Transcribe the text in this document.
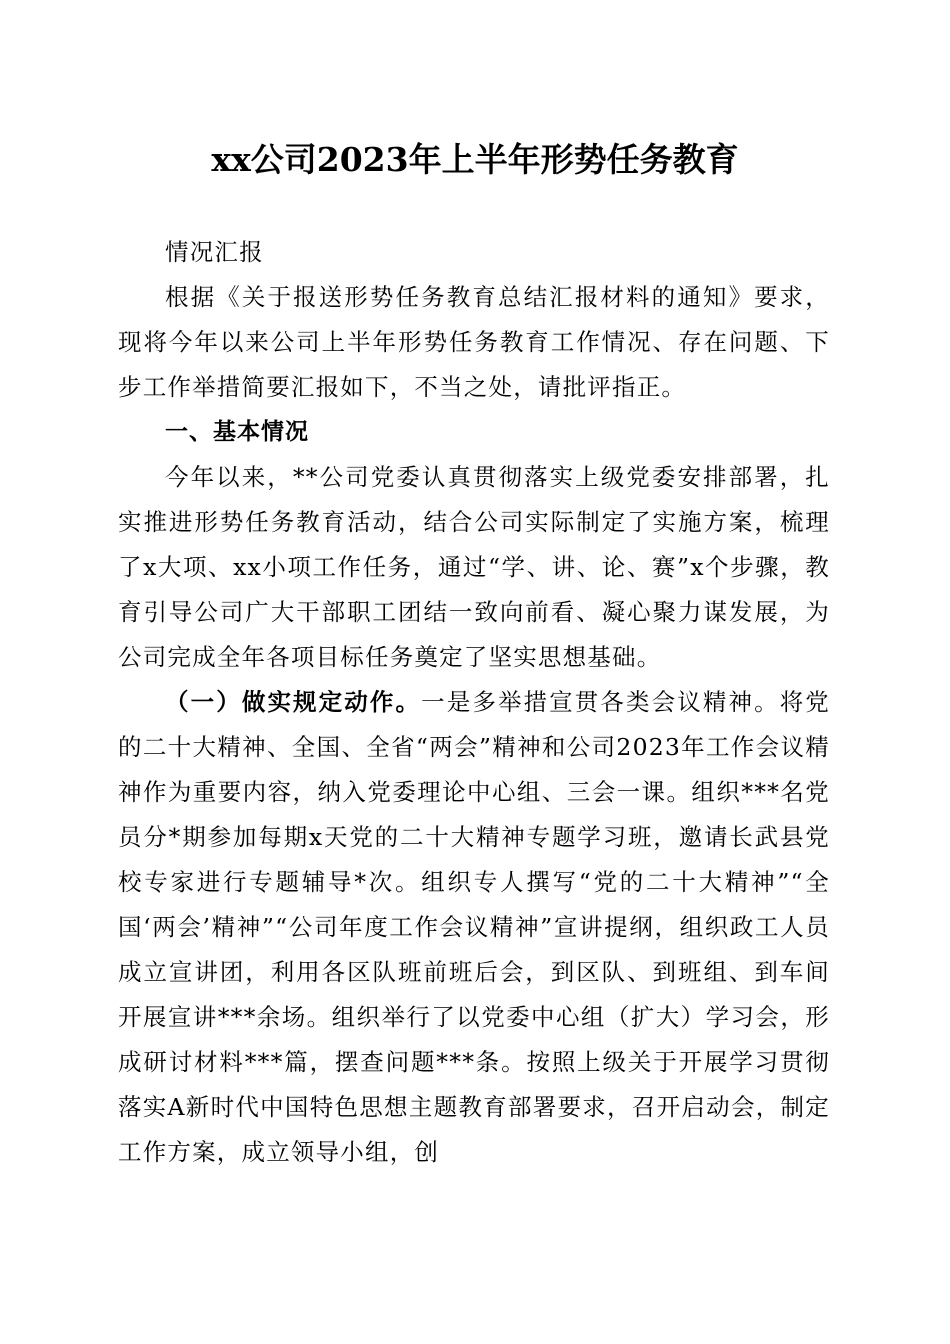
xx公司2023年上半年形势任务教育

情况汇报

根据《关于报送形势任务教育总结汇报材料的通知》要求，现将今年以来公司上半年形势任务教育工作情况、存在问题、下步工作举措简要汇报如下，不当之处，请批评指正。

一、基本情况

今年以来，**公司党委认真贯彻落实上级党委安排部署，扎实推进形势任务教育活动，结合公司实际制定了实施方案，梳理了x大项、xx小项工作任务，通过“学、讲、论、赛”x个步骤，教育引导公司广大干部职工团结一致向前看、凝心聚力谋发展，为公司完成全年各项目标任务奠定了坚实思想基础。

（一）做实规定动作。一是多举措宣贯各类会议精神。将党的二十大精神、全国、全省“两会”精神和公司2023年工作会议精神作为重要内容，纳入党委理论中心组、三会一课。组织***名党员分*期参加每期x天党的二十大精神专题学习班，邀请长武县党校专家进行专题辅导*次。组织专人撰写“党的二十大精神”“全国‘两会’精神”“公司年度工作会议精神”宣讲提纲，组织政工人员成立宣讲团，利用各区队班前班后会，到区队、到班组、到车间开展宣讲***余场。组织举行了以党委中心组（扩大）学习会，形成研讨材料***篇，摆查问题***条。按照上级关于开展学习贯彻落实A新时代中国特色思想主题教育部署要求，召开启动会，制定工作方案，成立领导小组，创
